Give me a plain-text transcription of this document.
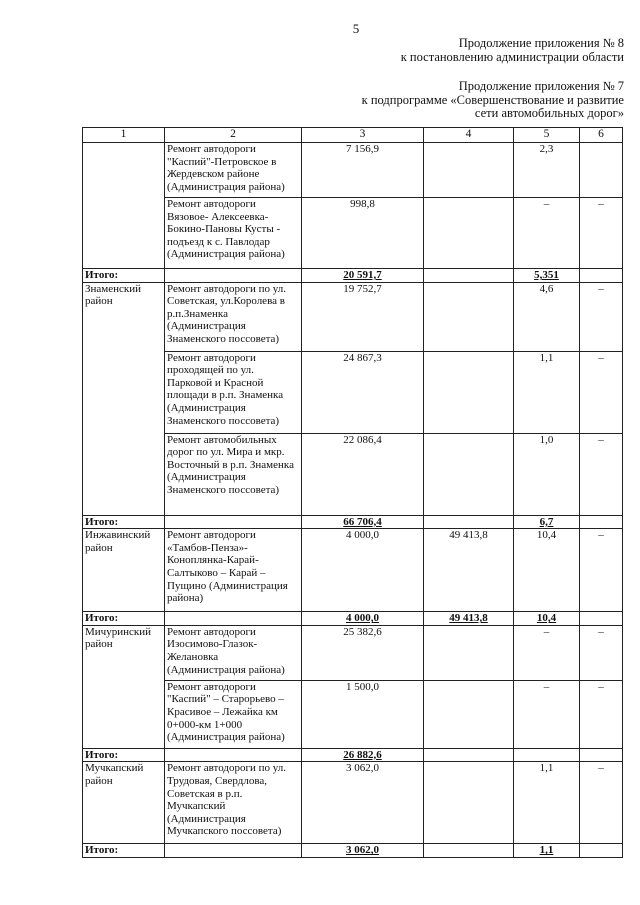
5
Продолжение приложения № 8
к постановлению администрации области
Продолжение приложения № 7
к подпрограмме «Совершенствование и развитие
сети автомобильных дорог»
1	2	3	4	5	6
	Ремонт автодороги "Каспий"-Петровское в Жердевском районе (Администрация района)	7 156,9		2,3	
	Ремонт автодороги Вязовое- Алексеевка-Бокино-Пановы Кусты - подъезд к с. Павлодар (Администрация района)	998,8		–	–
Итого:		20 591,7		5,351	
Знаменский район	Ремонт автодороги по ул. Советская, ул.Королева в р.п.Знаменка (Администрация Знаменского поссовета)	19 752,7		4,6	–
	Ремонт автодороги проходящей по ул. Парковой и Красной площади в р.п. Знаменка (Администрация Знаменского поссовета)	24 867,3		1,1	–
	Ремонт автомобильных дорог по ул. Мира и мкр. Восточный в р.п. Знаменка (Администрация Знаменского поссовета)	22 086,4		1,0	–
Итого:		66 706,4		6,7	
Инжавинский район	Ремонт автодороги «Тамбов-Пенза»-Коноплянка-Карай-Салтыково – Карай – Пущино (Администрация района)	4 000,0	49 413,8	10,4	–
Итого:		4 000,0	49 413,8	10,4	
Мичуринский район	Ремонт автодороги Изосимово-Глазок-Желановка (Администрация района)	25 382,6		–	–
	Ремонт автодороги "Каспий" – Старорьево – Красивое – Лежайка км 0+000-км 1+000 (Администрация района)	1 500,0		–	–
Итого:		26 882,6			
Мучкапский район	Ремонт автодороги по ул. Трудовая, Свердлова, Советская в р.п. Мучкапский (Администрация Мучкапского поссовета)	3 062,0		1,1	–
Итого:		3 062,0		1,1	
